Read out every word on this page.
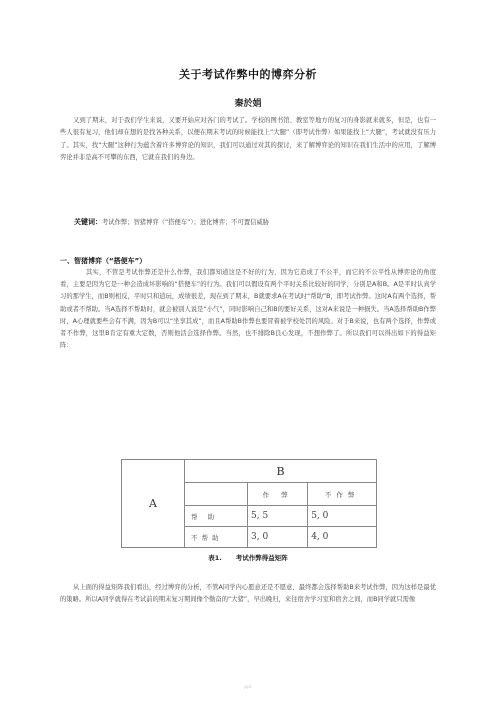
关于考试作弊中的博弈分析
秦於娟
又到了期末，对于我们学生来说，又要开始应对各门的考试了。学校的图书馆、教室等地方的复习的身影就来就多，但是，也有一些人很有复习，他们却在想的是找各种关系，以便在期末考试的时候能找上“大腿”（即考试作弊）如果能找上“大腿”，考试就没有压力了。其实，找“大腿”这种行为蕴含着许多博弈论的知识，我们可以通过对其的探讨，来了解博弈论的知识在我们生活中的应用，了解博弈论并非是高不可攀的东西，它就在我们的身边。
关键词：考试作弊；智猪博弈（“搭便车”）；进化博弈；不可置信威胁
一、智猪博弈（“搭便车”）
其实，不管是考试作弊还是什么作弊，我们都知道这是不好的行为，因为它造成了不公平，而它的不公平性从博弈论的角度看，主要是因为它是一种会造成坏影响的“搭便车”的行为。我们可以假设有两个平时关系比较好的同学，分别是A和B。A是平时认真学习的那学生，而B则相反，平时只和逍玩，成绩很差，现在到了期末，B就要求A在考试时“帮助”B，即考试作弊。这时A有两个选择，帮助或者不帮助。当A选择不帮助时，就会被别人说是“小气”，同时影响自己和B的要好关系，这对A来说是一种损失。当A选择帮助B作弊时，A心理就要些会有不满，因为B可以“坐享其成”，而且A帮助B作弊也要冒着被学校处罚的风险。对于B来说，也有两个选择，作弊或者不作弊，这里B肯定有重大定数，否则他活会选择作弊。当然，也不排除B良心发现，不想作弊了。所以我们可以得出如下的得益矩阵：
A	B		
		作 弊	不作弊
	帮 助	5, 5	5, 0
	不帮助	3, 0	4, 0
表1. 考试作弊得益矩阵
从上面的得益矩阵我们看出，经过博弈的分析，不管A同学内心愿意还是不愿意，最终都会选择帮助B来考试作弊，因为这样是最优的策略。所以A同学就得在考试前的期末复习期间像个勤奋的“大猪”，早出晚归，来往宿舍学习室和宿舍之间，而B同学就只需像
ppt
